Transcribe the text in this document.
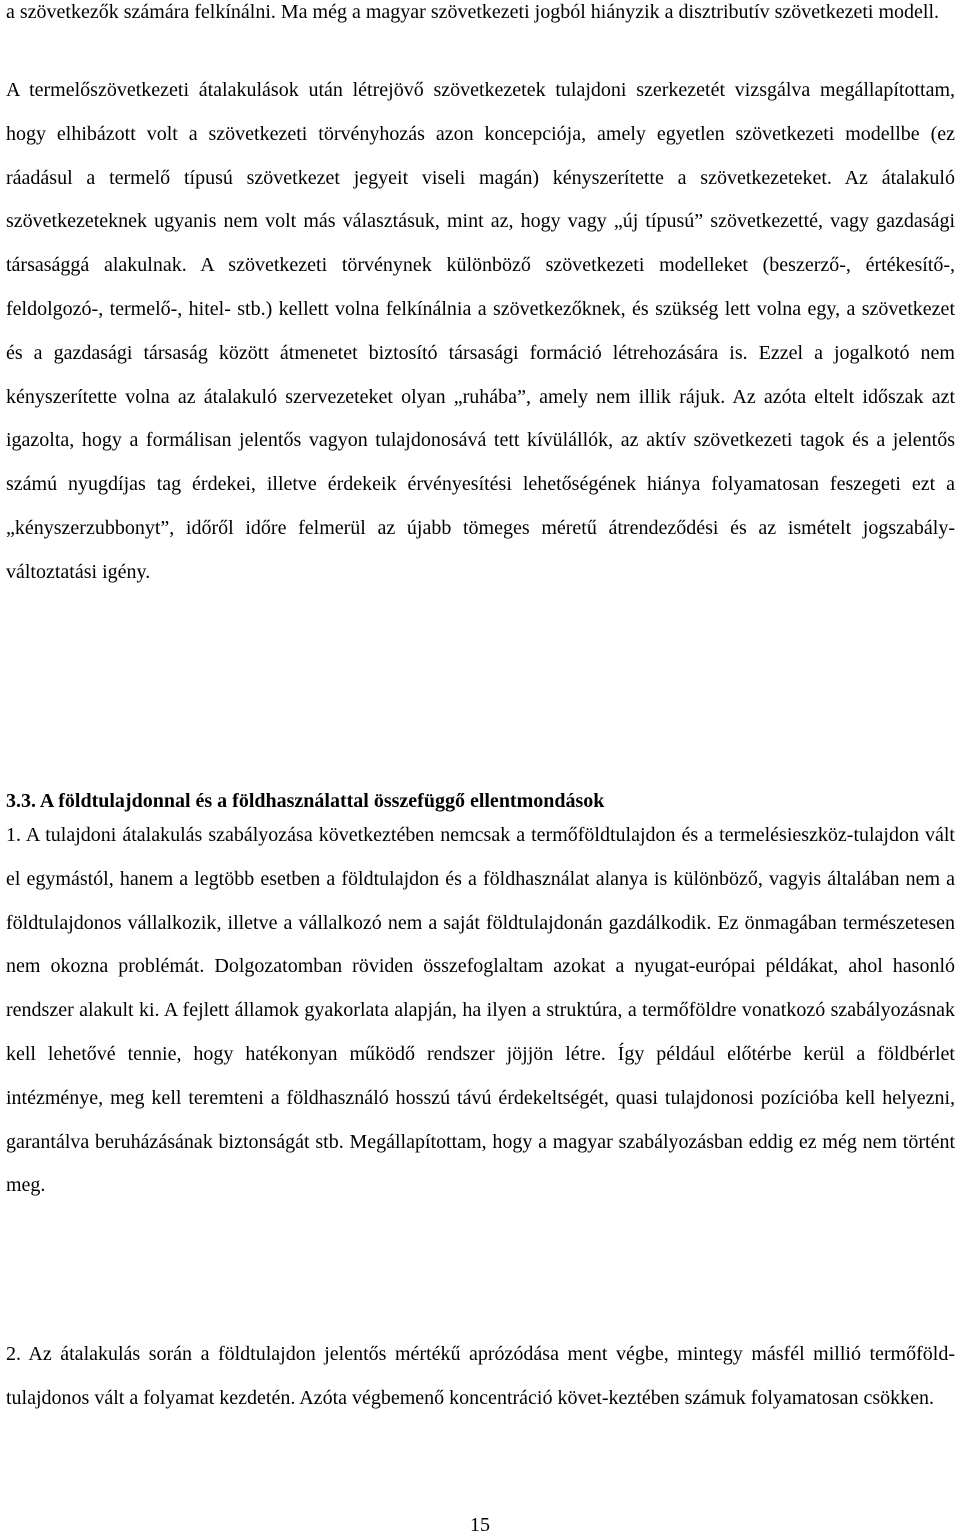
a szövetkezők számára felkínálni. Ma még a magyar szövetkezeti jogból hiányzik a disztributív szövetkezeti modell.

A termelőszövetkezeti átalakulások után létrejövő szövetkezetek tulajdoni szerkezetét vizsgálva megállapítottam, hogy elhibázott volt a szövetkezeti törvényhozás azon koncepciója, amely egyetlen szövetkezeti modellbe (ez ráadásul a termelő típusú szövetkezet jegyeit viseli magán) kényszerítette a szövetkezeteket. Az átalakuló szövetkezeteknek ugyanis nem volt más választásuk, mint az, hogy vagy „új típusú” szövetkezetté, vagy gazdasági társasággá alakulnak. A szövetkezeti törvénynek különböző szövetkezeti modelleket (beszerző-, értékesítő-, feldolgozó-, termelő-, hitel- stb.) kellett volna felkínálnia a szövetkezőknek, és szükség lett volna egy, a szövetkezet és a gazdasági társaság között átmenetet biztosító társasági formáció létrehozására is. Ezzel a jogalkotó nem kényszerítette volna az átalakuló szervezeteket olyan „ruhába”, amely nem illik rájuk. Az azóta eltelt időszak azt igazolta, hogy a formálisan jelentős vagyon tulajdonosává tett kívülállók, az aktív szövetkezeti tagok és a jelentős számú nyugdíjas tag érdekei, illetve érdekeik érvényesítési lehetőségének hiánya folyamatosan feszegeti ezt a „kényszerzubbonyt”, időről időre felmerül az újabb tömeges méretű átrendeződési és az ismételt jogszabály-változtatási igény.

3.3. A földtulajdonnal és a földhasználattal összefüggő ellentmondások

1. A tulajdoni átalakulás szabályozása következtében nemcsak a termőföldtulajdon és a termelésieszköz-tulajdon vált el egymástól, hanem a legtöbb esetben a földtulajdon és a földhasználat alanya is különböző, vagyis általában nem a földtulajdonos vállalkozik, illetve a vállalkozó nem a saját földtulajdonán gazdálkodik. Ez önmagában természetesen nem okozna problémát. Dolgozatomban röviden összefoglaltam azokat a nyugat-európai példákat, ahol hasonló rendszer alakult ki. A fejlett államok gyakorlata alapján, ha ilyen a struktúra, a termőföldre vonatkozó szabályozásnak kell lehetővé tennie, hogy hatékonyan működő rendszer jöjjön létre. Így például előtérbe kerül a földbérlet intézménye, meg kell teremteni a földhasználó hosszú távú érdekeltségét, quasi tulajdonosi pozícióba kell helyezni, garantálva beruházásának biztonságát stb. Megállapítottam, hogy a magyar szabályozásban eddig ez még nem történt meg.

2. Az átalakulás során a földtulajdon jelentős mértékű aprózódása ment végbe, mintegy másfél millió termőföld-tulajdonos vált a folyamat kezdetén. Azóta végbemenő koncentráció követ-keztében számuk folyamatosan csökken.

15
